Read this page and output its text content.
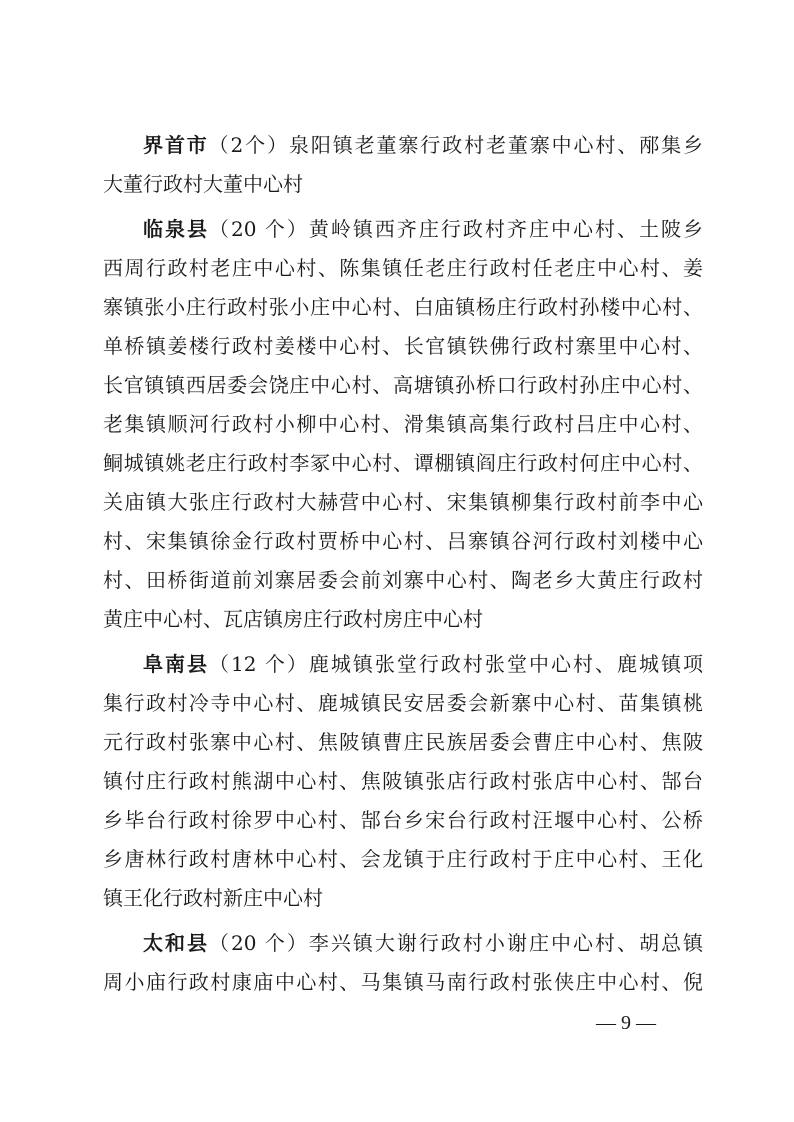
界首市（2个）泉阳镇老董寨行政村老董寨中心村、邴集乡
大董行政村大董中心村
临泉县（20 个）黄岭镇西齐庄行政村齐庄中心村、土陂乡
西周行政村老庄中心村、陈集镇任老庄行政村任老庄中心村、姜
寨镇张小庄行政村张小庄中心村、白庙镇杨庄行政村孙楼中心村、
单桥镇姜楼行政村姜楼中心村、长官镇铁佛行政村寨里中心村、
长官镇镇西居委会饶庄中心村、高塘镇孙桥口行政村孙庄中心村、
老集镇顺河行政村小柳中心村、滑集镇高集行政村吕庄中心村、
鲖城镇姚老庄行政村李冢中心村、谭棚镇阎庄行政村何庄中心村、
关庙镇大张庄行政村大赫营中心村、宋集镇柳集行政村前李中心
村、宋集镇徐金行政村贾桥中心村、吕寨镇谷河行政村刘楼中心
村、田桥街道前刘寨居委会前刘寨中心村、陶老乡大黄庄行政村
黄庄中心村、瓦店镇房庄行政村房庄中心村
阜南县（12 个）鹿城镇张堂行政村张堂中心村、鹿城镇项
集行政村冷寺中心村、鹿城镇民安居委会新寨中心村、苗集镇桃
元行政村张寨中心村、焦陂镇曹庄民族居委会曹庄中心村、焦陂
镇付庄行政村熊湖中心村、焦陂镇张店行政村张店中心村、郜台
乡毕台行政村徐罗中心村、郜台乡宋台行政村汪堰中心村、公桥
乡唐林行政村唐林中心村、会龙镇于庄行政村于庄中心村、王化
镇王化行政村新庄中心村
太和县（20 个）李兴镇大谢行政村小谢庄中心村、胡总镇
周小庙行政村康庙中心村、马集镇马南行政村张侠庄中心村、倪
— 9 —
